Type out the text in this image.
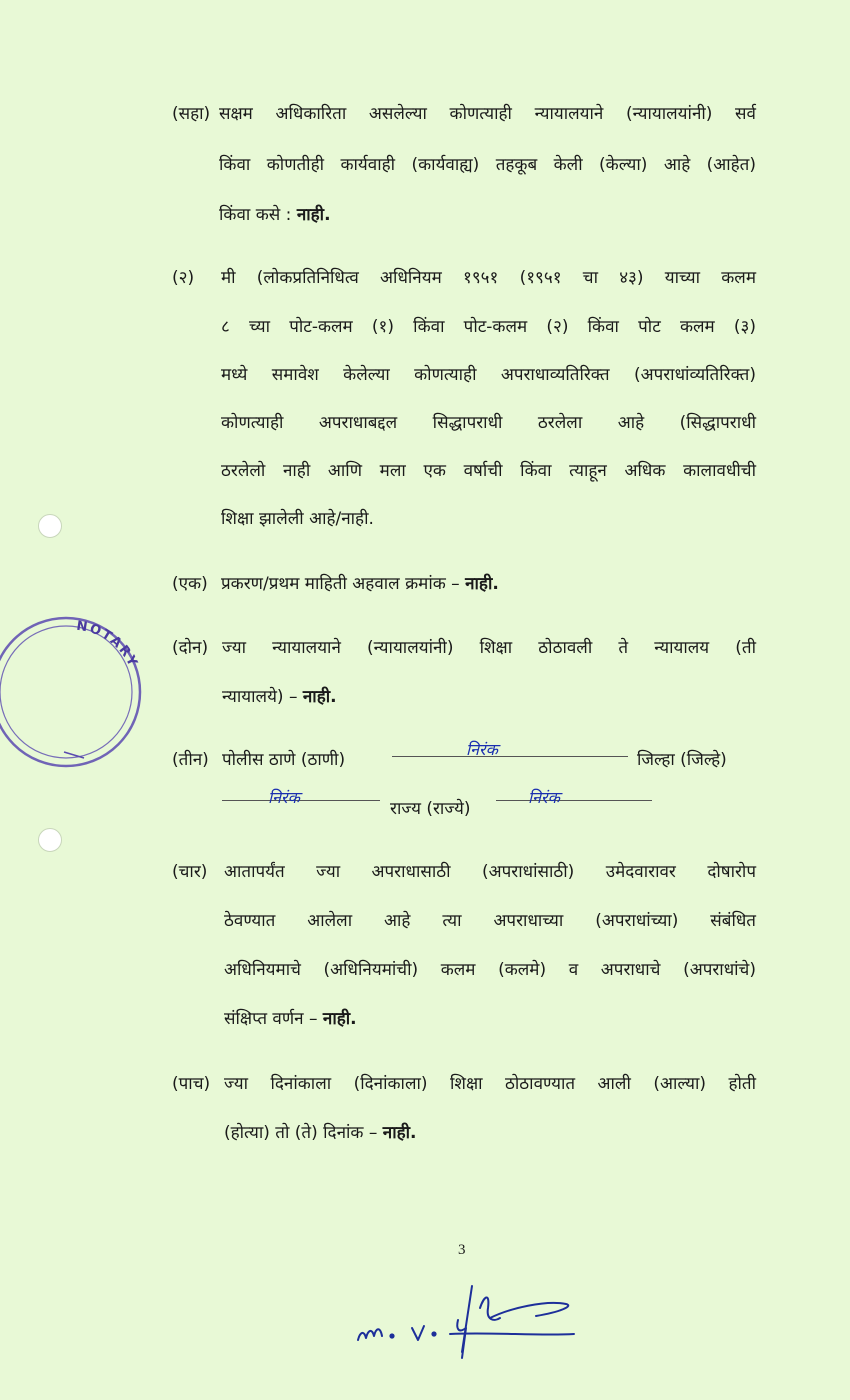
NOTARY
(सहा) सक्षम अधिकारिता असलेल्या कोणत्याही न्यायालयाने (न्यायालयांनी) सर्व
किंवा कोणतीही कार्यवाही (कार्यवाह्य) तहकूब केली (केल्या) आहे (आहेत)
किंवा कसे : नाही.
(२) मी (लोकप्रतिनिधित्व अधिनियम १९५१ (१९५१ चा ४३) याच्या कलम
८ च्या पोट-कलम (१) किंवा पोट-कलम (२) किंवा पोट कलम (३)
मध्ये समावेश केलेल्या कोणत्याही अपराधाव्यतिरिक्त (अपराधांव्यतिरिक्त)
कोणत्याही अपराधाबद्दल सिद्धापराधी ठरलेला आहे (सिद्धापराधी
ठरलेलो नाही आणि मला एक वर्षाची किंवा त्याहून अधिक कालावधीची
शिक्षा झालेली आहे/नाही.
(एक) प्रकरण/प्रथम माहिती अहवाल क्रमांक – नाही.
(दोन) ज्या न्यायालयाने (न्यायालयांनी) शिक्षा ठोठावली ते न्यायालय (ती
न्यायालये) – नाही.
(तीन) पोलीस ठाणे (ठाणी)
निरंक
जिल्हा (जिल्हे)
निरंक
राज्य (राज्ये)
निरंक
(चार) आतापर्यंत ज्या अपराधासाठी (अपराधांसाठी) उमेदवारावर दोषारोप
ठेवण्यात आलेला आहे त्या अपराधाच्या (अपराधांच्या) संबंधित
अधिनियमाचे (अधिनियमांची) कलम (कलमे) व अपराधाचे (अपराधांचे)
संक्षिप्त वर्णन – नाही.
(पाच) ज्या दिनांकाला (दिनांकाला) शिक्षा ठोठावण्यात आली (आल्या) होती
(होत्या) तो (ते) दिनांक – नाही.
3
